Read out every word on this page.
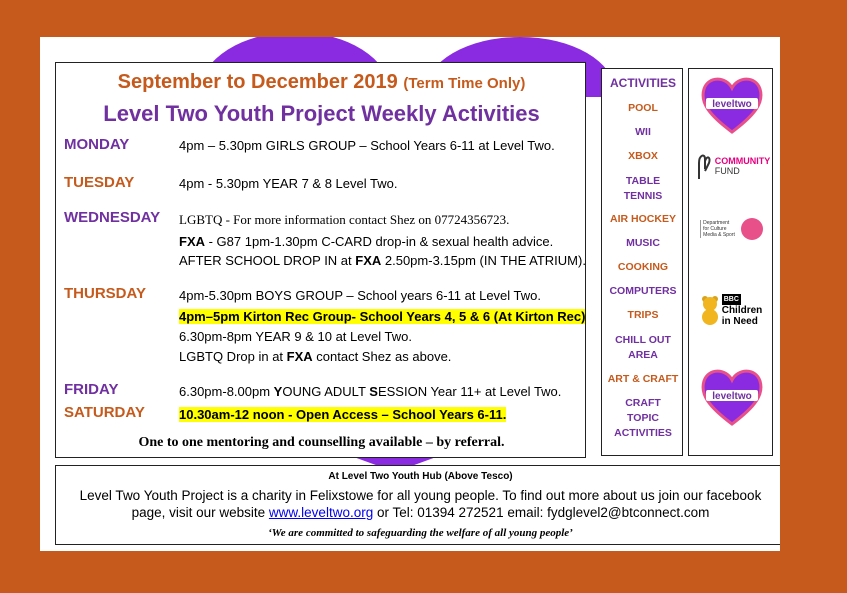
September to December 2019 (Term Time Only)
Level Two Youth Project Weekly Activities
MONDAY	4pm – 5.30pm GIRLS GROUP – School Years 6-11 at Level Two.
TUESDAY	4pm - 5.30pm YEAR 7 & 8 Level Two.
WEDNESDAY LGBTQ - For more information contact Shez on 07724356723.
FXA - G87 1pm-1.30pm C-CARD drop-in & sexual health advice.
AFTER SCHOOL DROP IN at FXA 2.50pm-3.15pm (IN THE ATRIUM).
THURSDAY	4pm-5.30pm BOYS GROUP – School years 6-11 at Level Two.
4pm–5pm Kirton Rec Group- School Years 4, 5 & 6 (At Kirton Rec)
6.30pm-8pm YEAR 9 & 10 at Level Two.
LGBTQ Drop in at FXA contact Shez as above.
FRIDAY	6.30pm-8.00pm YOUNG ADULT SESSION Year 11+ at Level Two.
SATURDAY	10.30am-12 noon - Open Access – School Years 6-11.
One to one mentoring and counselling available – by referral.
ACTIVITIES
POOL
WII
XBOX
TABLE TENNIS
AIR HOCKEY
MUSIC
COOKING
COMPUTERS
TRIPS
CHILL OUT AREA
ART & CRAFT
CRAFT TOPIC ACTIVITIES
leveltwo
COMMUNITY
FUND
Department
for Culture
Media & Sport
BBC
Children
in Need
leveltwo
At Level Two Youth Hub (Above Tesco)
Level Two Youth Project is a charity in Felixstowe for all young people. To find out more about us join our facebook
page, visit our website www.leveltwo.org or Tel: 01394 272521 email: fydglevel2@btconnect.com
‘We are committed to safeguarding the welfare of all young people’
